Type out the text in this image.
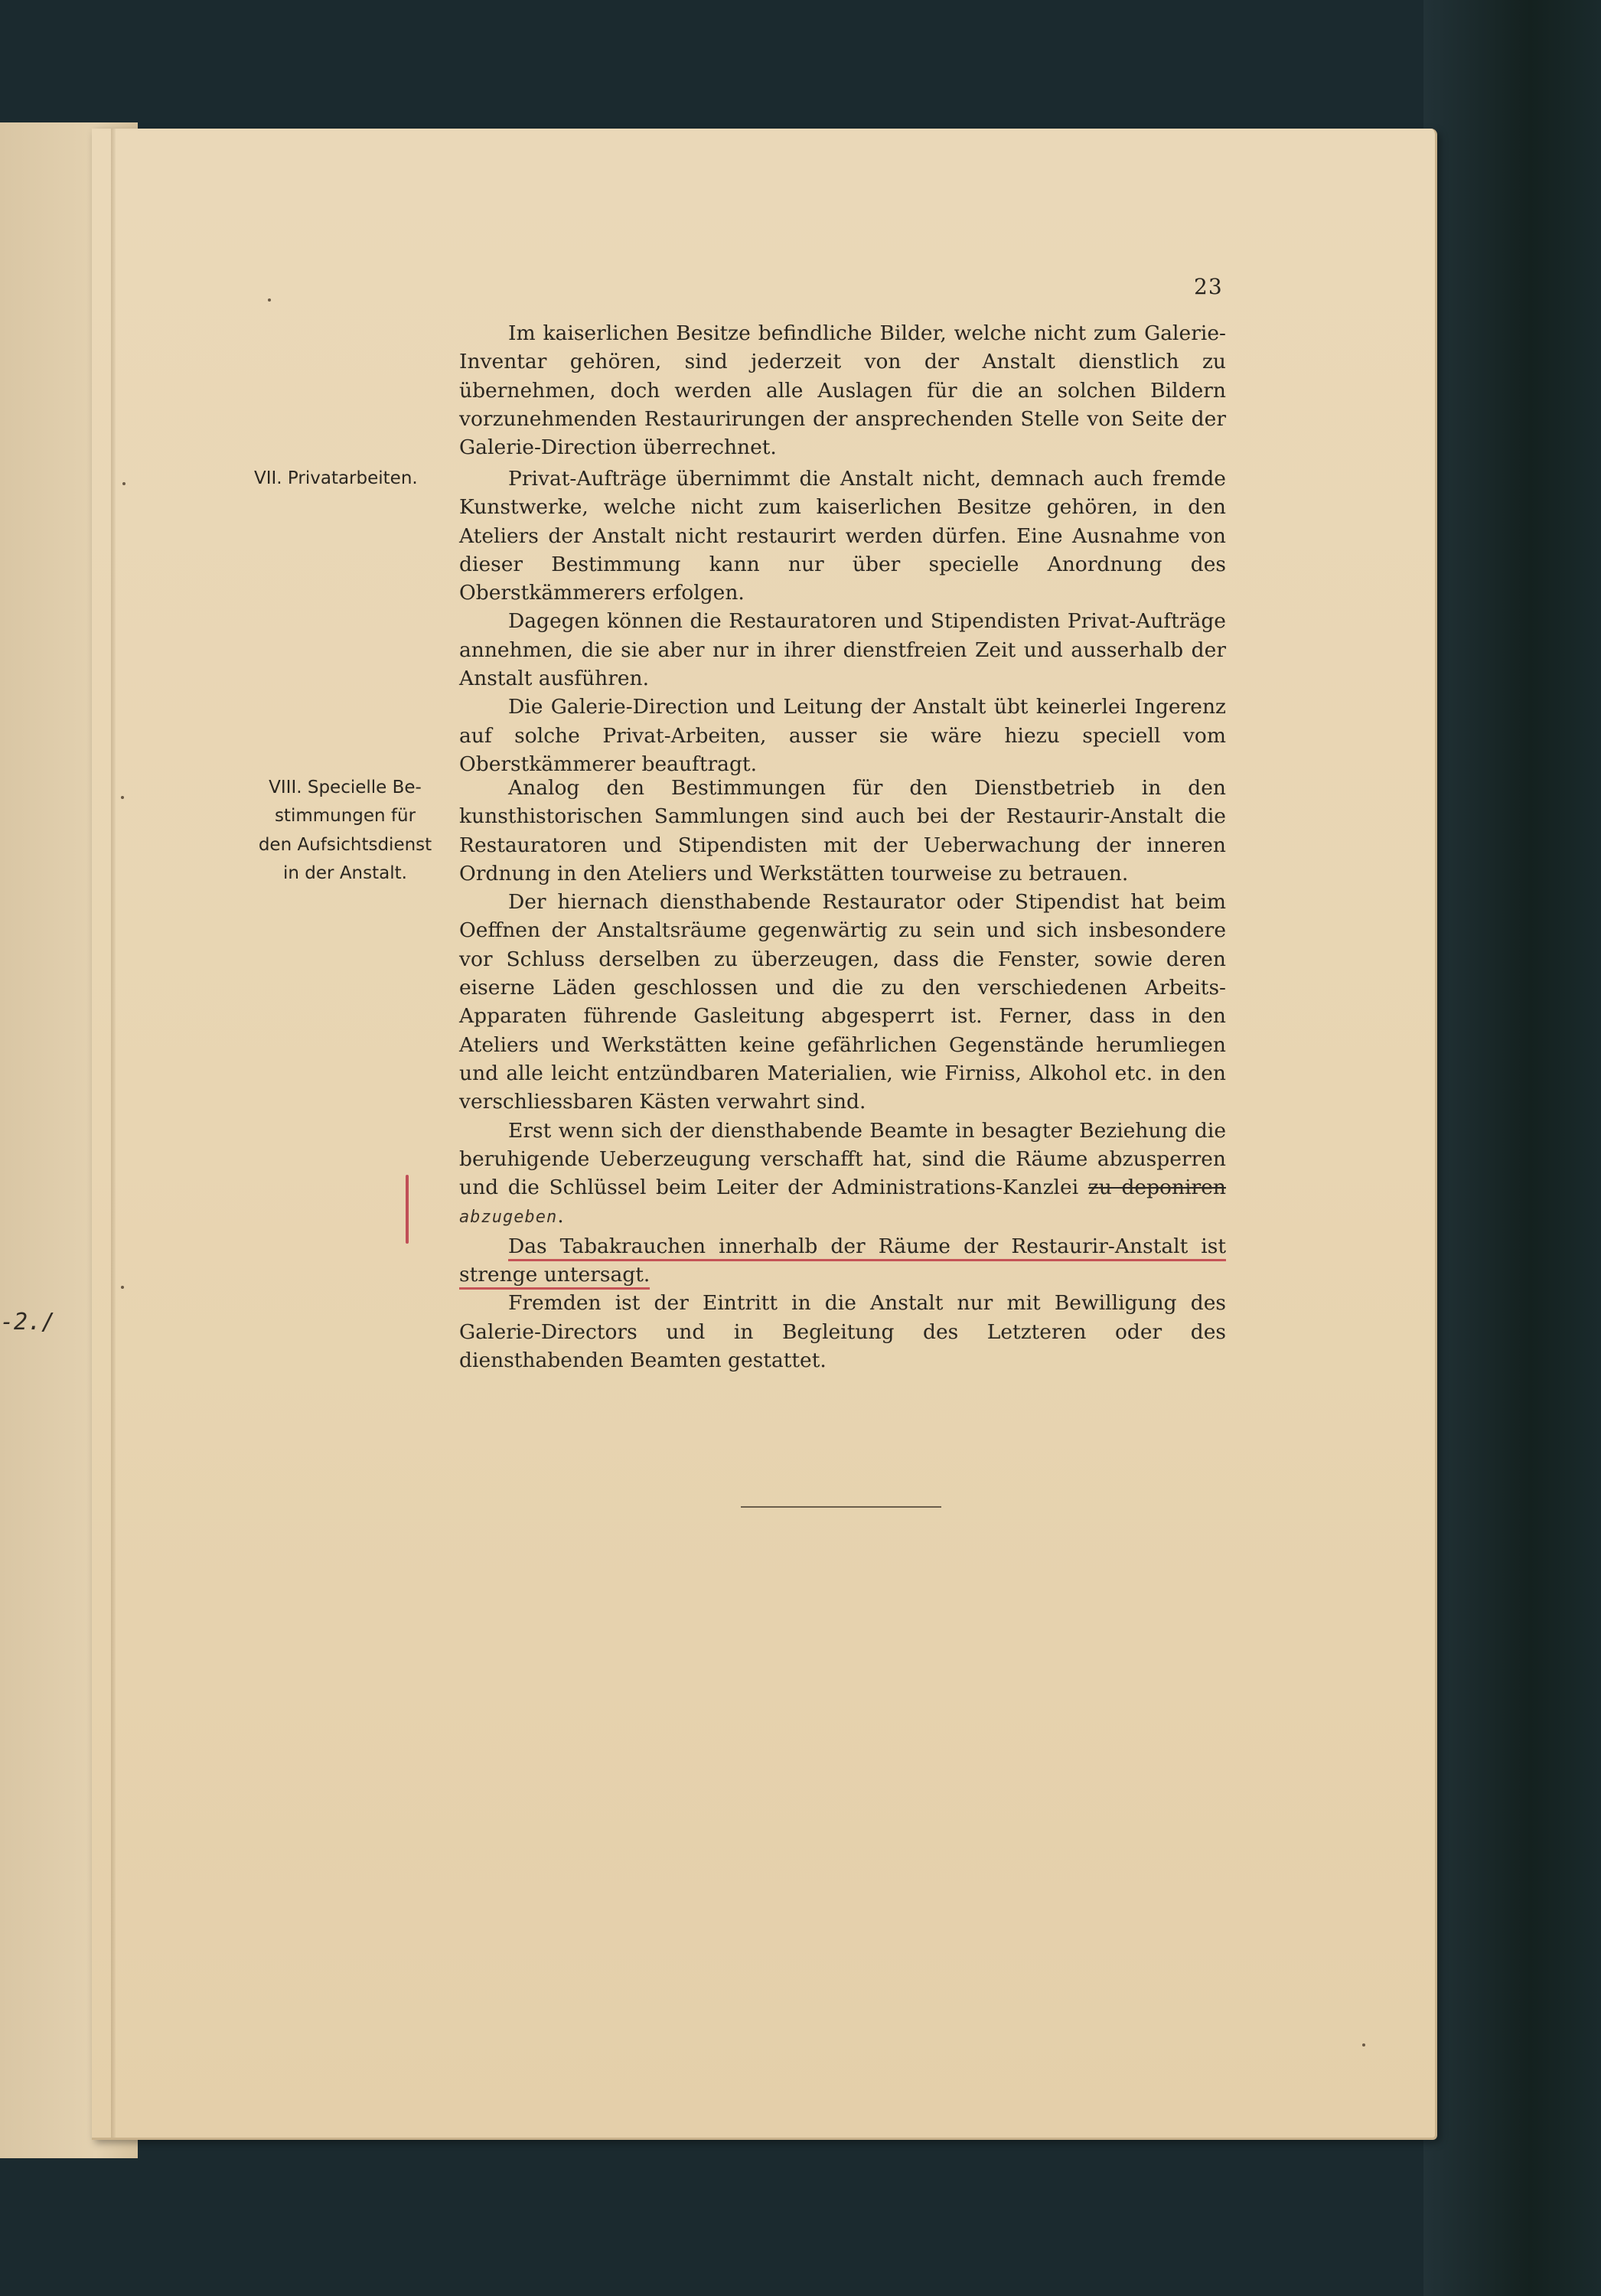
-2./
23

Im kaiserlichen Besitze befindliche Bilder, welche nicht zum Galerie-Inventar gehören, sind jederzeit von der Anstalt dienstlich zu übernehmen, doch werden alle Auslagen für die an solchen Bildern vorzunehmenden Restaurirungen der ansprechenden Stelle von Seite der Galerie-Direction überrechnet.

VII. Privatarbeiten.	Privat-Aufträge übernimmt die Anstalt nicht, demnach auch fremde Kunstwerke, welche nicht zum kaiserlichen Besitze gehören, in den Ateliers der Anstalt nicht restaurirt werden dürfen. Eine Ausnahme von dieser Bestimmung kann nur über specielle Anordnung des Oberstkämmerers erfolgen.

Dagegen können die Restauratoren und Stipendisten Privat-Aufträge annehmen, die sie aber nur in ihrer dienstfreien Zeit und ausserhalb der Anstalt ausführen.

Die Galerie-Direction und Leitung der Anstalt übt keinerlei Ingerenz auf solche Privat-Arbeiten, ausser sie wäre hiezu speciell vom Oberstkämmerer beauftragt.

VIII. Specielle Be-
stimmungen für
den Aufsichtsdienst
in der Anstalt.

Analog den Bestimmungen für den Dienstbetrieb in den kunsthistorischen Sammlungen sind auch bei der Restaurir-Anstalt die Restauratoren und Stipendisten mit der Ueberwachung der inneren Ordnung in den Ateliers und Werkstätten tourweise zu betrauen.

Der hiernach diensthabende Restaurator oder Stipendist hat beim Oeffnen der Anstaltsräume gegenwärtig zu sein und sich insbesondere vor Schluss derselben zu überzeugen, dass die Fenster, sowie deren eiserne Läden geschlossen und die zu den verschiedenen Arbeits-Apparaten führende Gasleitung abgesperrt ist. Ferner, dass in den Ateliers und Werkstätten keine gefährlichen Gegenstände herumliegen und alle leicht entzündbaren Materialien, wie Firniss, Alkohol etc. in den verschliessbaren Kästen verwahrt sind.

Erst wenn sich der diensthabende Beamte in besagter Beziehung die beruhigende Ueberzeugung verschafft hat, sind die Räume abzusperren und die Schlüssel beim Leiter der Administrations-Kanzlei zu deponiren abzugeben.

Das Tabakrauchen innerhalb der Räume der Restaurir-Anstalt ist strenge untersagt.

Fremden ist der Eintritt in die Anstalt nur mit Bewilligung des Galerie-Directors und in Begleitung des Letzteren oder des diensthabenden Beamten gestattet.
